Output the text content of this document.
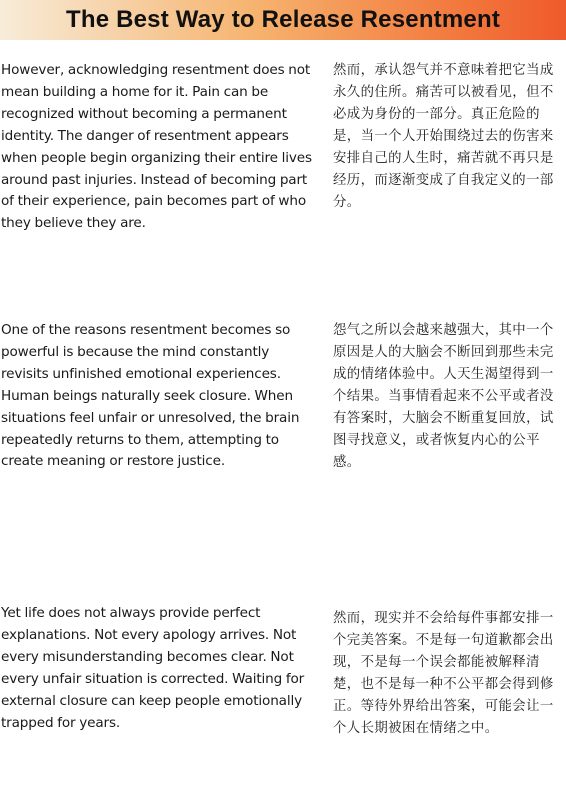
The Best Way to Release Resentment

However, acknowledging resentment does not mean building a home for it. Pain can be recognized without becoming a permanent identity. The danger of resentment appears when people begin organizing their entire lives around past injuries. Instead of becoming part of their experience, pain becomes part of who they believe they are.

然而，承认怨气并不意味着把它当成永久的住所。痛苦可以被看见，但不必成为身份的一部分。真正危险的是，当一个人开始围绕过去的伤害来安排自己的人生时，痛苦就不再只是经历，而逐渐变成了自我定义的一部分。

One of the reasons resentment becomes so powerful is because the mind constantly revisits unfinished emotional experiences. Human beings naturally seek closure. When situations feel unfair or unresolved, the brain repeatedly returns to them, attempting to create meaning or restore justice.

怨气之所以会越来越强大，其中一个原因是人的大脑会不断回到那些未完成的情绪体验中。人天生渴望得到一个结果。当事情看起来不公平或者没有答案时，大脑会不断重复回放，试图寻找意义，或者恢复内心的公平感。

Yet life does not always provide perfect explanations. Not every apology arrives. Not every misunderstanding becomes clear. Not every unfair situation is corrected. Waiting for external closure can keep people emotionally trapped for years.

然而，现实并不会给每件事都安排一个完美答案。不是每一句道歉都会出现，不是每一个误会都能被解释清楚，也不是每一种不公平都会得到修正。等待外界给出答案，可能会让一个人长期被困在情绪之中。
